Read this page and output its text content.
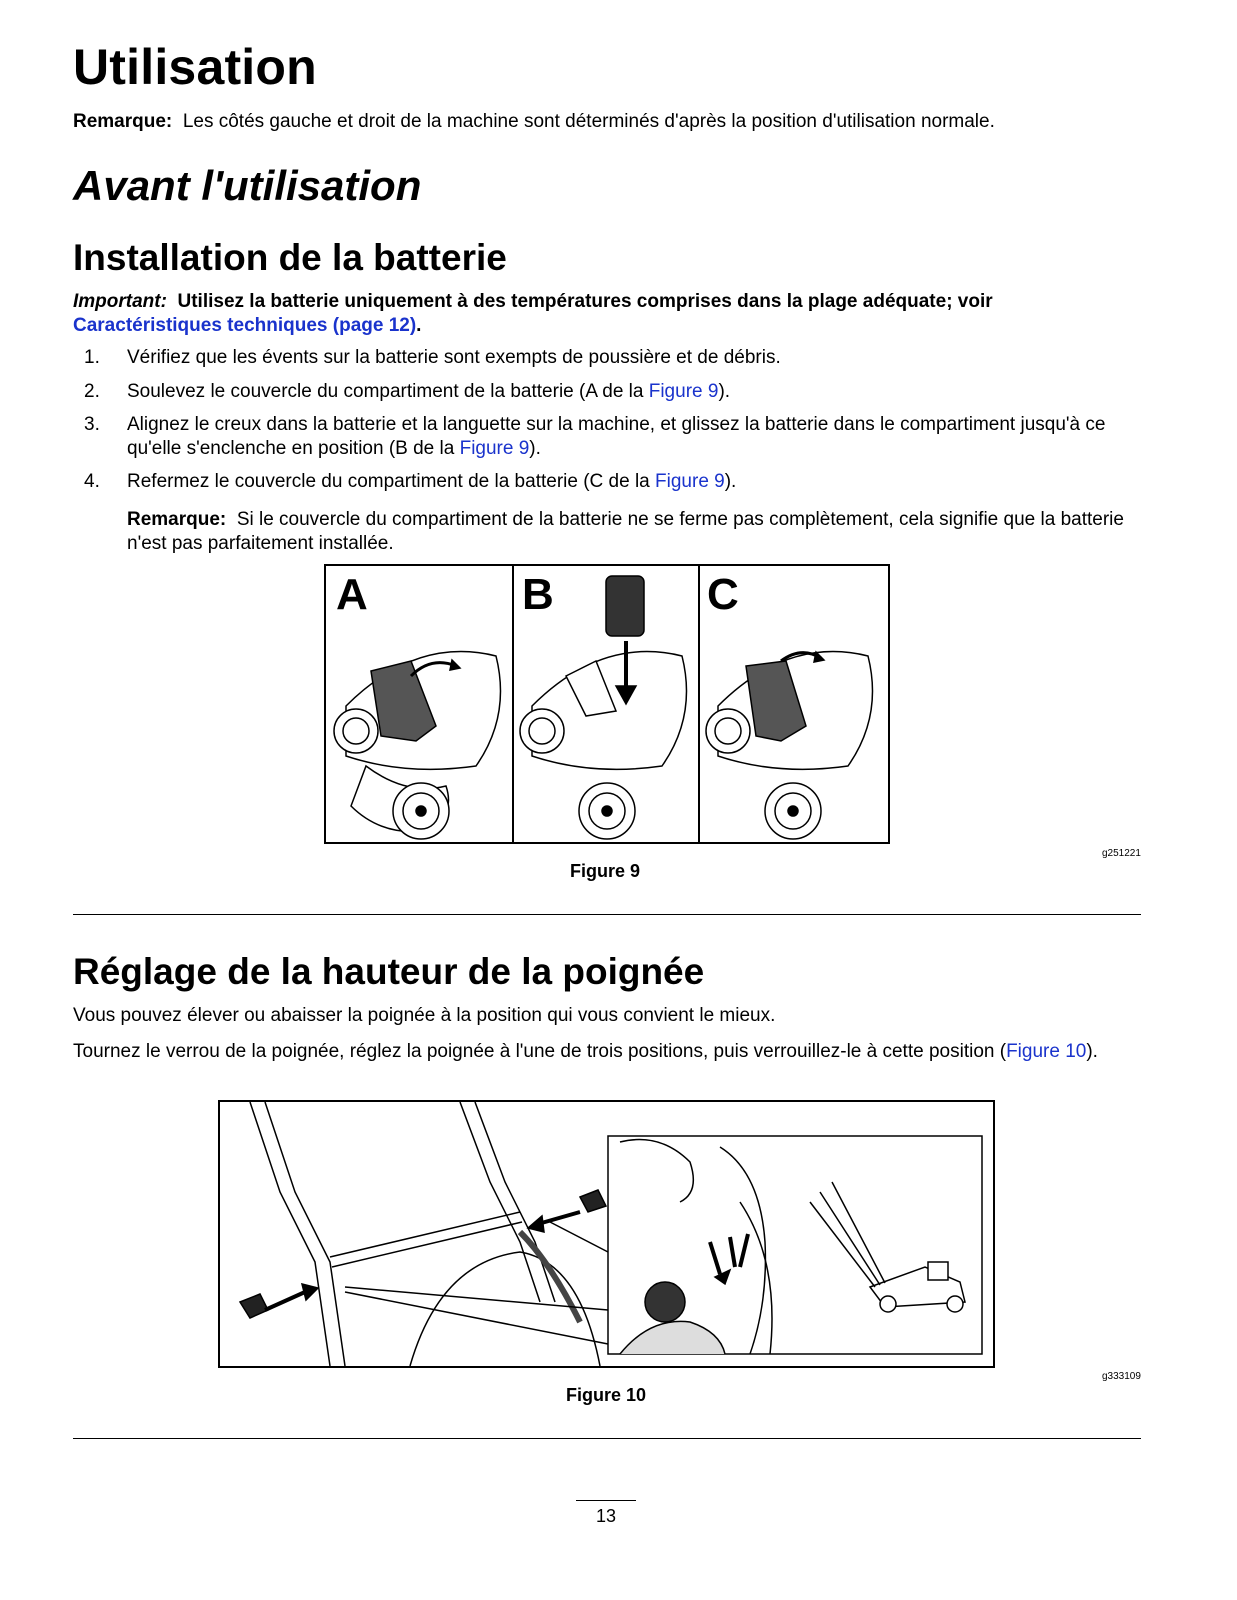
Utilisation
Remarque: Les côtés gauche et droit de la machine sont déterminés d'après la position d'utilisation normale.
Avant l'utilisation
Installation de la batterie
Important: Utilisez la batterie uniquement à des températures comprises dans la plage adéquate; voir
Caractéristiques techniques (page 12).
1.	Vérifiez que les évents sur la batterie sont exempts de poussière et de débris.
2.	Soulevez le couvercle du compartiment de la batterie (A de la Figure 9).
3.	Alignez le creux dans la batterie et la languette sur la machine, et glissez la batterie dans le compartiment jusqu'à ce qu'elle s'enclenche en position (B de la Figure 9).
4.	Refermez le couvercle du compartiment de la batterie (C de la Figure 9).
Remarque: Si le couvercle du compartiment de la batterie ne se ferme pas complètement, cela signifie que la batterie n'est pas parfaitement installée.
A	B	C
g251221
Figure 9
Réglage de la hauteur de la poignée
Vous pouvez élever ou abaisser la poignée à la position qui vous convient le mieux.
Tournez le verrou de la poignée, réglez la poignée à l'une de trois positions, puis verrouillez-le à cette position (Figure 10).
g333109
Figure 10
13
